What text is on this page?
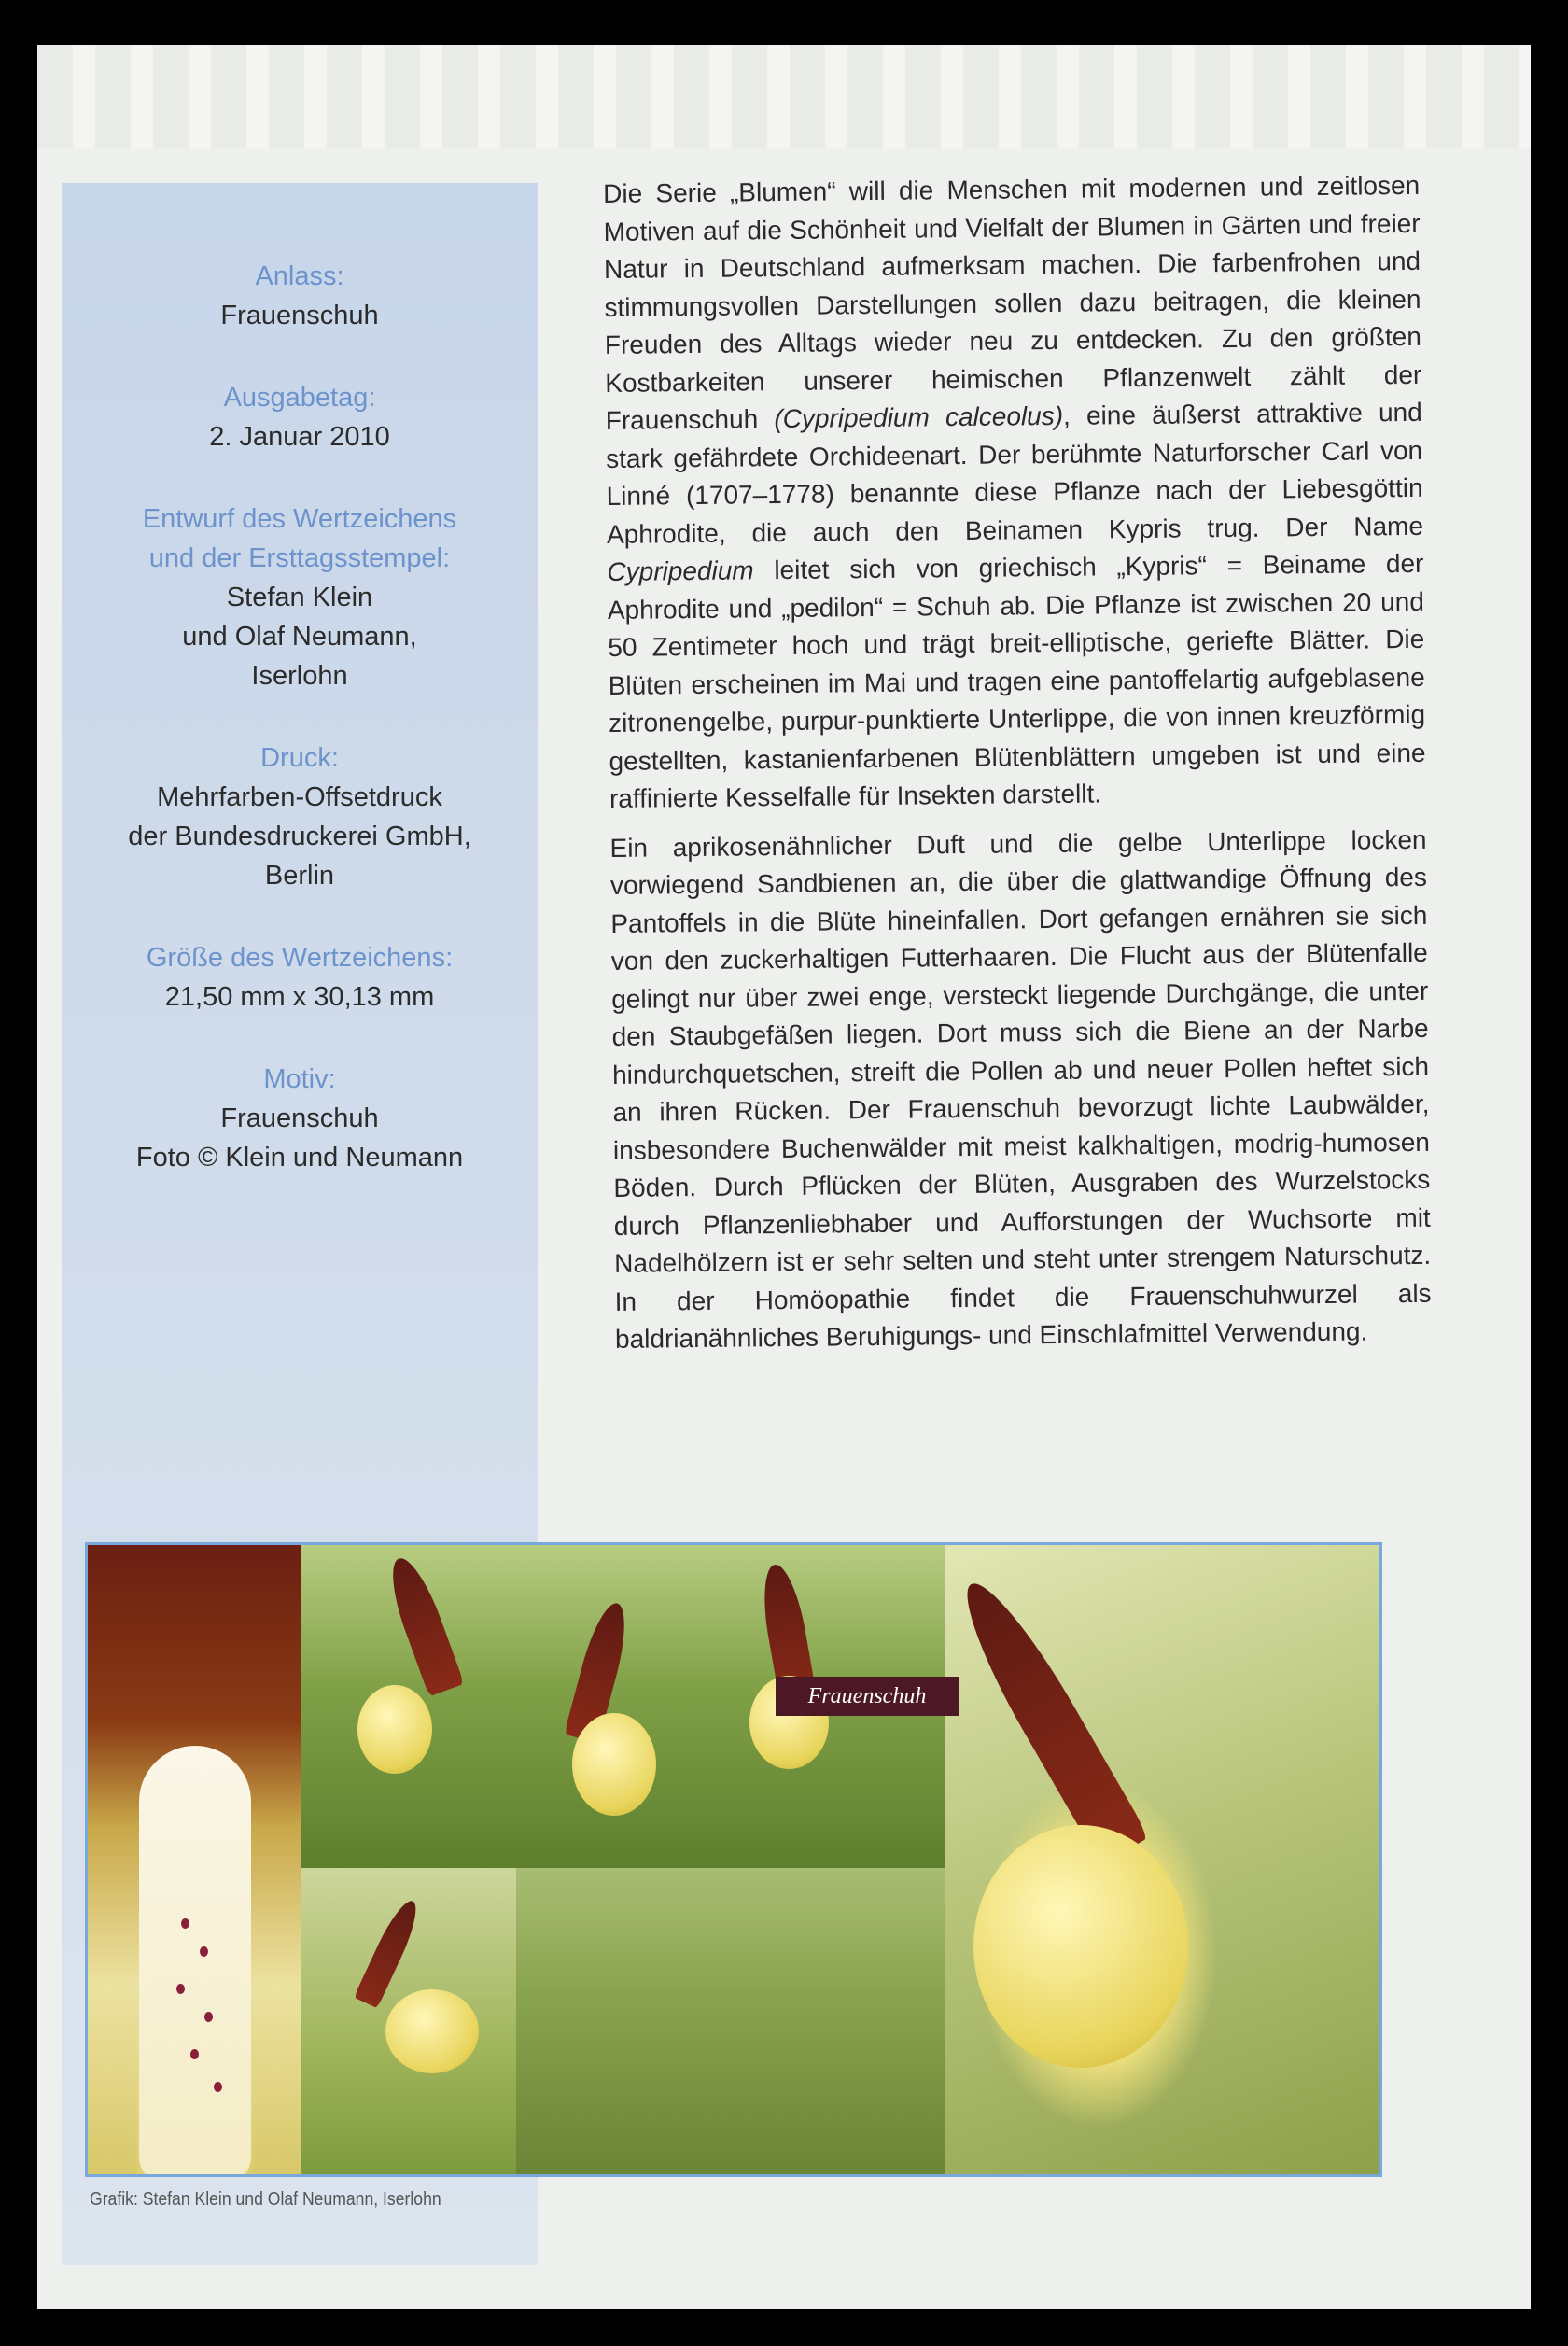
Anlass:
Frauenschuh
Ausgabetag:
2. Januar 2010
Entwurf des Wertzeichens
und der Ersttagsstempel:
Stefan Klein
und Olaf Neumann,
Iserlohn
Druck:
Mehrfarben-Offsetdruck
der Bundesdruckerei GmbH,
Berlin
Größe des Wertzeichens:
21,50 mm x 30,13 mm
Motiv:
Frauenschuh
Foto © Klein und Neumann

Die Serie „Blumen“ will die Menschen mit modernen und zeitlosen Motiven auf die Schönheit und Vielfalt der Blumen in Gärten und freier Natur in Deutschland aufmerksam machen. Die farbenfrohen und stimmungsvollen Darstellungen sollen dazu beitragen, die kleinen Freuden des Alltags wieder neu zu entdecken. Zu den größten Kostbarkeiten unserer heimischen Pflanzenwelt zählt der Frauenschuh (Cypripedium calceolus), eine äußerst attraktive und stark gefährdete Orchideenart. Der berühmte Naturforscher Carl von Linné (1707–1778) benannte diese Pflanze nach der Liebesgöttin Aphrodite, die auch den Beinamen Kypris trug. Der Name Cypripedium leitet sich von griechisch „Kypris“ = Beiname der Aphrodite und „pedilon“ = Schuh ab. Die Pflanze ist zwischen 20 und 50 Zentimeter hoch und trägt breit-elliptische, geriefte Blätter. Die Blüten erscheinen im Mai und tragen eine pantoffelartig aufgeblasene zitronengelbe, purpur-punktierte Unterlippe, die von innen kreuzförmig gestellten, kastanienfarbenen Blütenblättern umgeben ist und eine raffinierte Kesselfalle für Insekten darstellt.

Ein aprikosenähnlicher Duft und die gelbe Unterlippe locken vorwiegend Sandbienen an, die über die glattwandige Öffnung des Pantoffels in die Blüte hineinfallen. Dort gefangen ernähren sie sich von den zuckerhaltigen Futterhaaren. Die Flucht aus der Blütenfalle gelingt nur über zwei enge, versteckt liegende Durchgänge, die unter den Staubgefäßen liegen. Dort muss sich die Biene an der Narbe hindurchquetschen, streift die Pollen ab und neuer Pollen heftet sich an ihren Rücken. Der Frauenschuh bevorzugt lichte Laubwälder, insbesondere Buchenwälder mit meist kalkhaltigen, modrig-humosen Böden. Durch Pflücken der Blüten, Ausgraben des Wurzelstocks durch Pflanzenliebhaber und Aufforstungen der Wuchsorte mit Nadelhölzern ist er sehr selten und steht unter strengem Naturschutz. In der Homöopathie findet die Frauenschuhwurzel als baldrianähnliches Beruhigungs- und Einschlafmittel Verwendung.

Frauenschuh
Grafik: Stefan Klein und Olaf Neumann, Iserlohn
